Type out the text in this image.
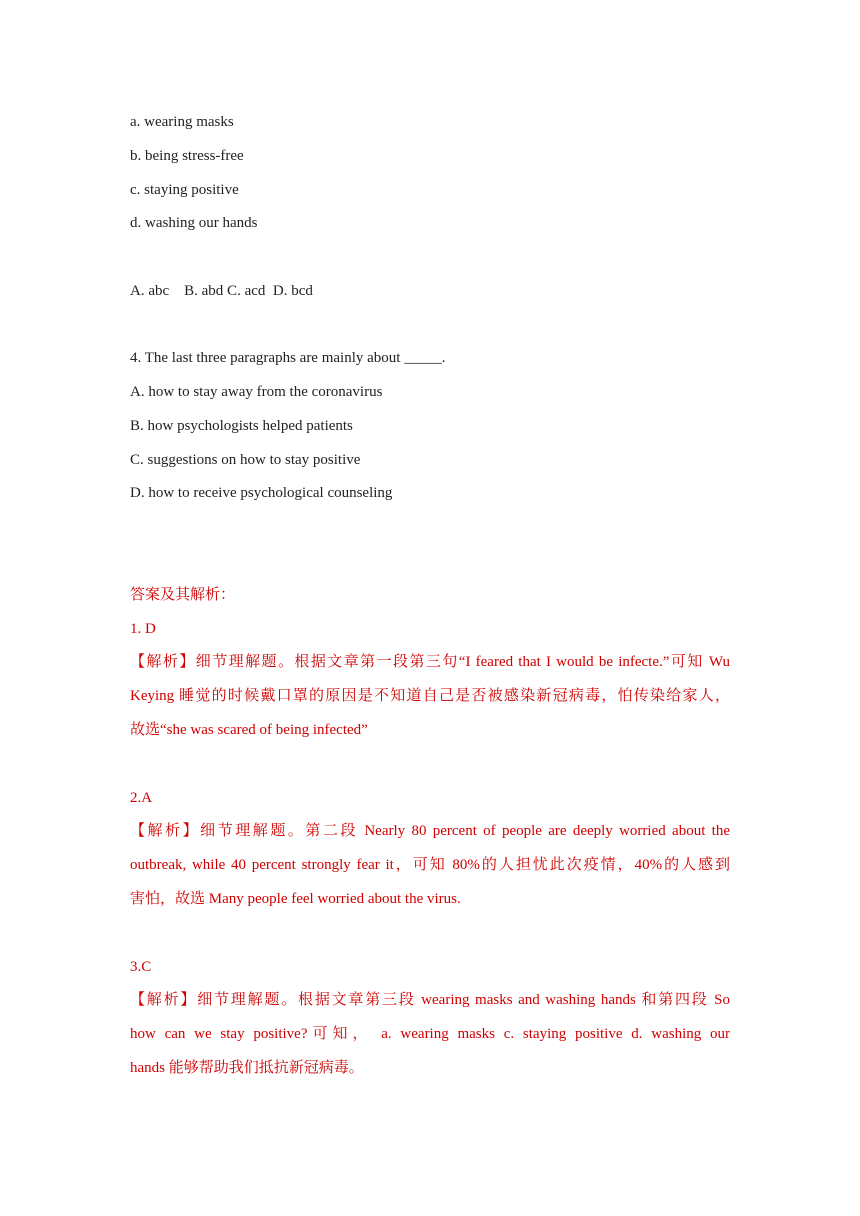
a. wearing masks
b. being stress-free
c. staying positive
d. washing our hands
A. abc    B. abd C. acd  D. bcd
4. The last three paragraphs are mainly about _____.
A. how to stay away from the coronavirus
B. how psychologists helped patients
C. suggestions on how to stay positive
D. how to receive psychological counseling
答案及其解析：
1. D
【解析】细节理解题。根据文章第一段第三句“I feared that I would be infecte.”可知 Wu
Keying 睡觉的时候戴口罩的原因是不知道自己是否被感染新冠病毒，怕传染给家人，
故选“she was scared of being infected”
2.A
【解析】细节理解题。第二段 Nearly 80 percent of people are deeply worried about the
outbreak, while 40 percent strongly fear it，可知 80%的人担忧此次疫情，40%的人感到
害怕，故选 Many people feel worried about the virus.
3.C
【解析】细节理解题。根据文章第三段 wearing masks and washing hands 和第四段 So
how can we stay positive?可知， a. wearing masks c. staying positive d. washing our
hands 能够帮助我们抵抗新冠病毒。
